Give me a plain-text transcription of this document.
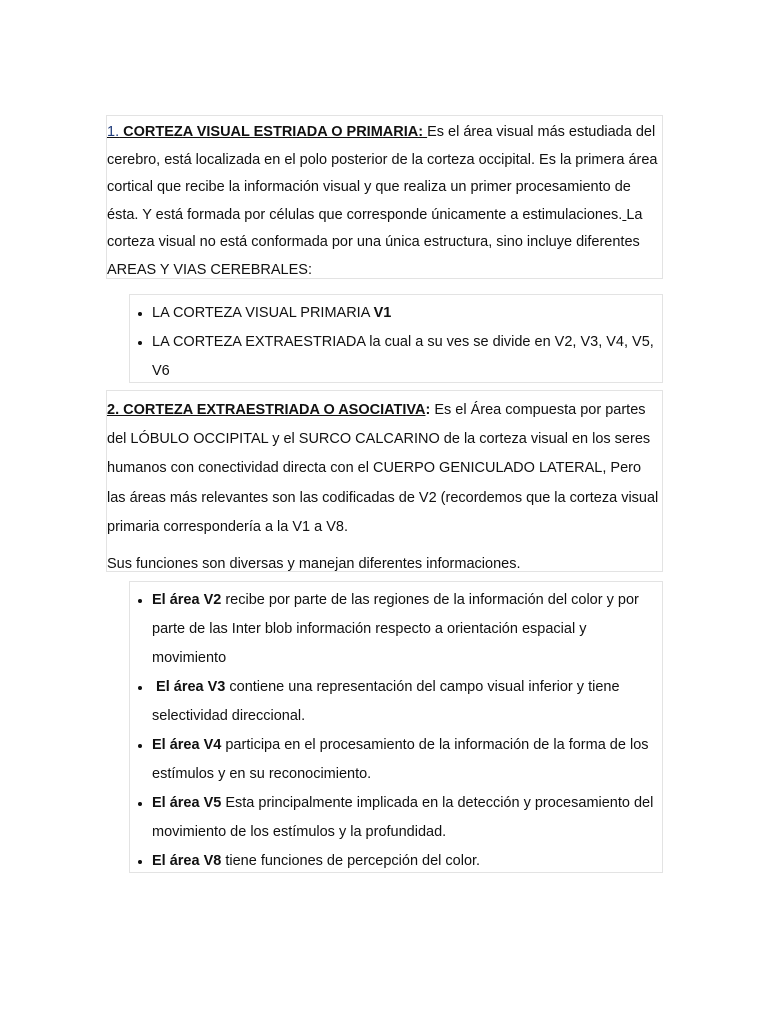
1. CORTEZA VISUAL ESTRIADA O PRIMARIA: Es el área visual más estudiada del cerebro, está localizada en el polo posterior de la corteza occipital. Es la primera área cortical que recibe la información visual y que realiza un primer procesamiento de ésta. Y está formada por células que corresponde únicamente a estimulaciones. La corteza visual no está conformada por una única estructura, sino incluye diferentes AREAS Y VIAS CEREBRALES:

• LA CORTEZA VISUAL PRIMARIA V1
• LA CORTEZA EXTRAESTRIADA la cual a su ves se divide en V2, V3, V4, V5, V6

2. CORTEZA EXTRAESTRIADA O ASOCIATIVA: Es el Área compuesta por partes del LÓBULO OCCIPITAL y el SURCO CALCARINO de la corteza visual en los seres humanos con conectividad directa con el CUERPO GENICULADO LATERAL, Pero las áreas más relevantes son las codificadas de V2 (recordemos que la corteza visual primaria correspondería a la V1 a V8.

Sus funciones son diversas y manejan diferentes informaciones.
• El área V2 recibe por parte de las regiones de la información del color y por parte de las Inter blob información respecto a orientación espacial y movimiento
•  El área V3 contiene una representación del campo visual inferior y tiene selectividad direccional.
• El área V4 participa en el procesamiento de la información de la forma de los estímulos y en su reconocimiento.
• El área V5 Esta principalmente implicada en la detección y procesamiento del movimiento de los estímulos y la profundidad.
• El área V8 tiene funciones de percepción del color.
